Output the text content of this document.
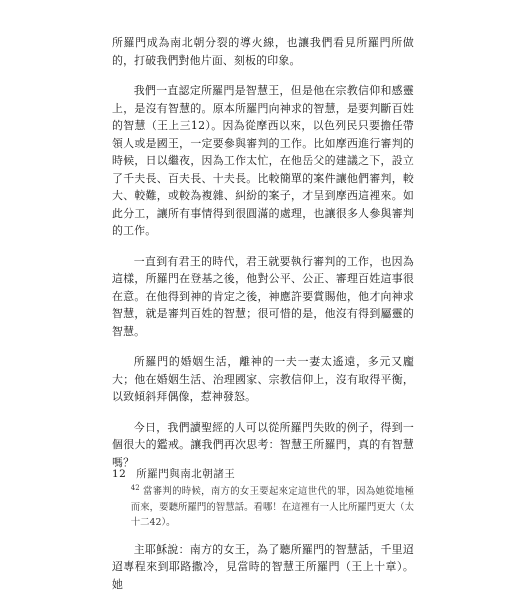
所羅門成為南北朝分裂的導火線，也讓我們看見所羅門所做的，打破我們對他片面、刻板的印象。

我們一直認定所羅門是智慧王，但是他在宗教信仰和感靈上，是沒有智慧的。原本所羅門向神求的智慧，是要判斷百姓的智慧（王上三12）。因為從摩西以來，以色列民只要擔任帶領人或是國王，一定要參與審判的工作。比如摩西進行審判的時候，日以繼夜，因為工作太忙，在他岳父的建議之下，設立了千夫長、百夫長、十夫長。比較簡單的案件讓他們審判，較大、較難，或較為複雜、糾紛的案子，才呈到摩西這裡來。如此分工，讓所有事情得到很圓滿的處理，也讓很多人參與審判的工作。

一直到有君王的時代，君王就要執行審判的工作，也因為這樣，所羅門在登基之後，他對公平、公正、審理百姓這事很在意。在他得到神的肯定之後，神應許要賞賜他，他才向神求智慧，就是審判百姓的智慧；很可惜的是，他沒有得到屬靈的智慧。

所羅門的婚姻生活，離神的一夫一妻太遙遠，多元又龐大；他在婚姻生活、治理國家、宗教信仰上，沒有取得平衡，以致傾斜拜偶像，惹神發怒。

今日，我們讀聖經的人可以從所羅門失敗的例子，得到一個很大的鑑戒。讓我們再次思考：智慧王所羅門，真的有智慧嗎？

$^{42}$ 當審判的時候，南方的女王要起來定這世代的罪，因為她從地極而來，要聽所羅門的智慧話。看哪！在這裡有一人比所羅門更大（太十二42）。

主耶穌說：南方的女王，為了聽所羅門的智慧話，千里迢迢專程來到耶路撒冷，見當時的智慧王所羅門（王上十章）。她

12 所羅門與南北朝諸王
